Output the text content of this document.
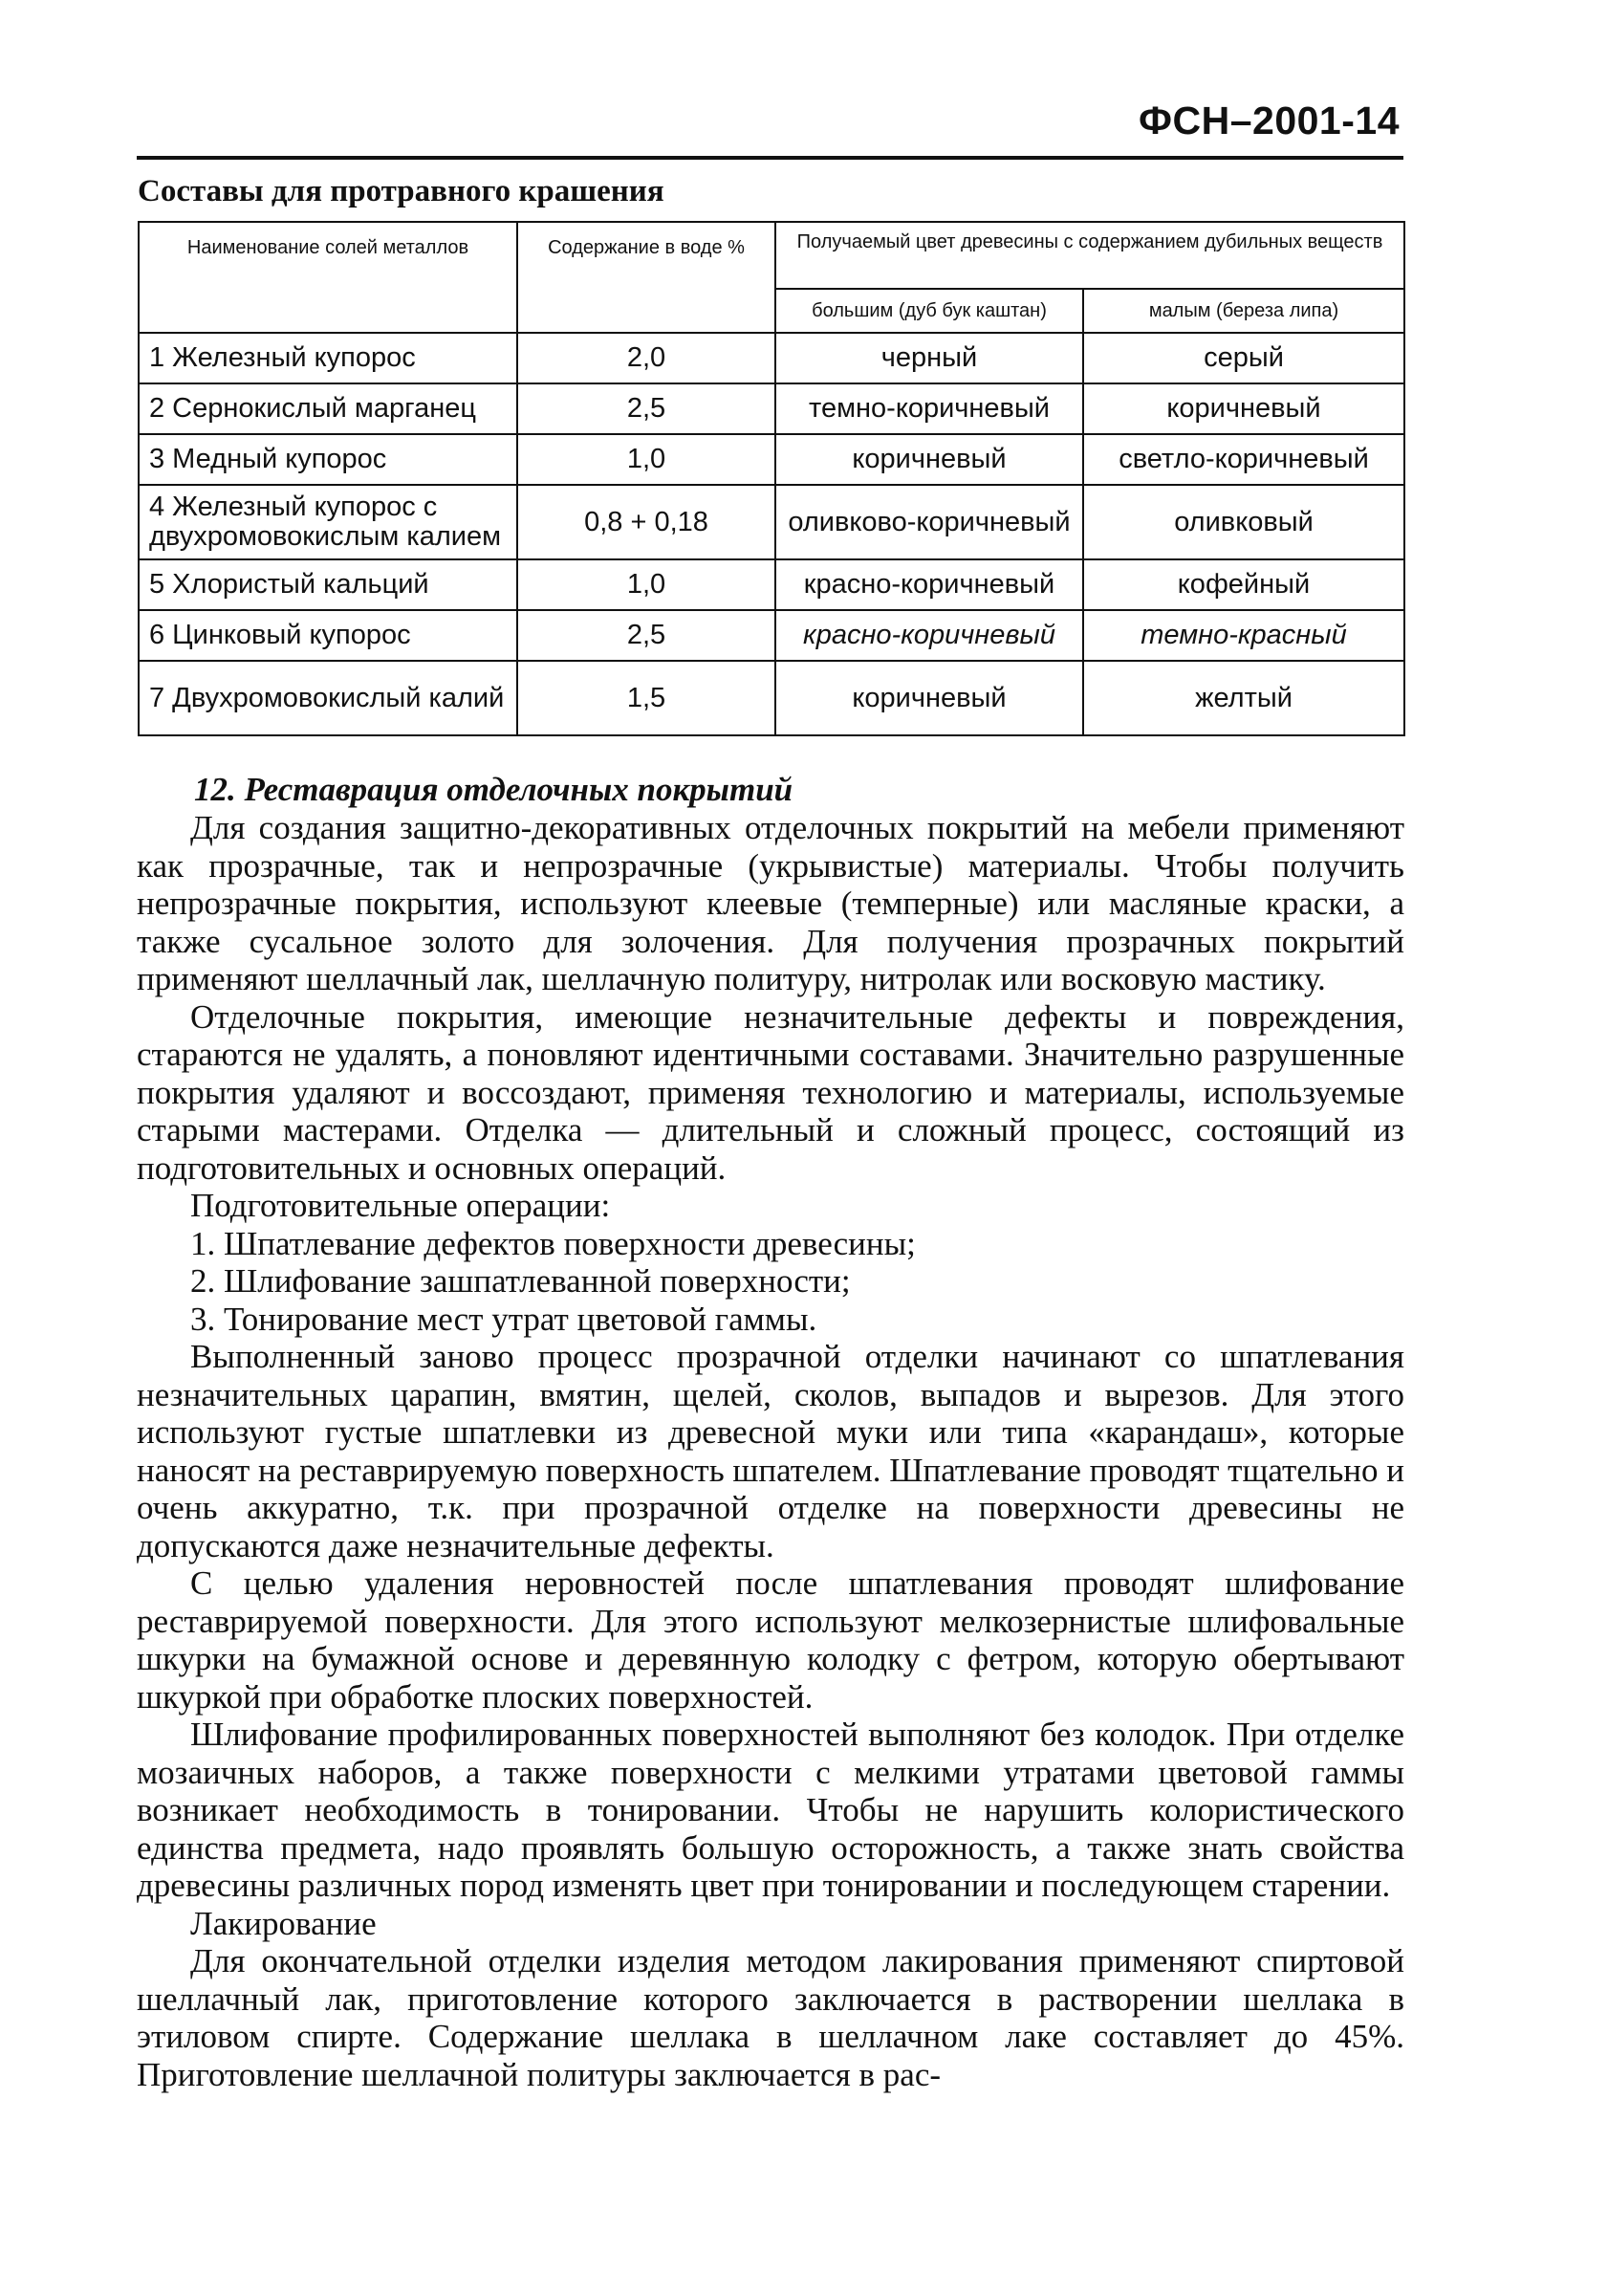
ФСН–2001-14
Составы для протравного крашения
Наименование солей металлов	Содержание в воде %	Получаемый цвет древесины с содержанием дубильных веществ	
		большим (дуб бук каштан)	малым (береза липа)
1 Железный купорос	2,0	черный	серый
2 Сернокислый марганец	2,5	темно-коричневый	коричневый
3 Медный купорос	1,0	коричневый	светло-коричневый
4 Железный купорос с двухромовокислым калием	0,8 + 0,18	оливково-коричневый	оливковый
5 Хлористый кальций	1,0	красно-коричневый	кофейный
6 Цинковый купорос	2,5	красно-коричневый	темно-красный
7 Двухромовокислый калий	1,5	коричневый	желтый
12. Реставрация отделочных покрытий

Для создания защитно-декоративных отделочных покрытий на мебели применяют как прозрачные, так и непрозрачные (укрывистые) материалы. Чтобы получить непрозрачные покрытия, используют клеевые (темперные) или масляные краски, а также сусальное золото для золочения. Для получения прозрачных покрытий применяют шеллачный лак, шеллачную политуру, нитролак или восковую мастику.

Отделочные покрытия, имеющие незначительные дефекты и повреждения, стараются не удалять, а поновляют идентичными составами. Значительно разрушенные покрытия удаляют и воссоздают, применяя технологию и материалы, используемые старыми мастерами. Отделка — длительный и сложный процесс, состоящий из подготовительных и основных операций.

Подготовительные операции:

1. Шпатлевание дефектов поверхности древесины;

2. Шлифование зашпатлеванной поверхности;

3. Тонирование мест утрат цветовой гаммы.

Выполненный заново процесс прозрачной отделки начинают со шпатлевания незначительных царапин, вмятин, щелей, сколов, выпадов и вырезов. Для этого используют густые шпатлевки из древесной муки или типа «карандаш», которые наносят на реставрируемую поверхность шпателем. Шпатлевание проводят тщательно и очень аккуратно, т.к. при прозрачной отделке на поверхности древесины не допускаются даже незначительные дефекты.

С целью удаления неровностей после шпатлевания проводят шлифование реставрируемой поверхности. Для этого используют мелкозернистые шлифовальные шкурки на бумажной основе и деревянную колодку с фетром, которую обертывают шкуркой при обработке плоских поверхностей.

Шлифование профилированных поверхностей выполняют без колодок. При отделке мозаичных наборов, а также поверхности с мелкими утратами цветовой гаммы возникает необходимость в тонировании. Чтобы не нарушить колористического единства предмета, надо проявлять большую осторожность, а также знать свойства древесины различных пород изменять цвет при тонировании и последующем старении.

Лакирование

Для окончательной отделки изделия методом лакирования применяют спиртовой шеллачный лак, приготовление которого заключается в растворении шеллака в этиловом спирте. Содержание шеллака в шеллачном лаке составляет до 45%. Приготовление шеллачной политуры заключается в рас-
